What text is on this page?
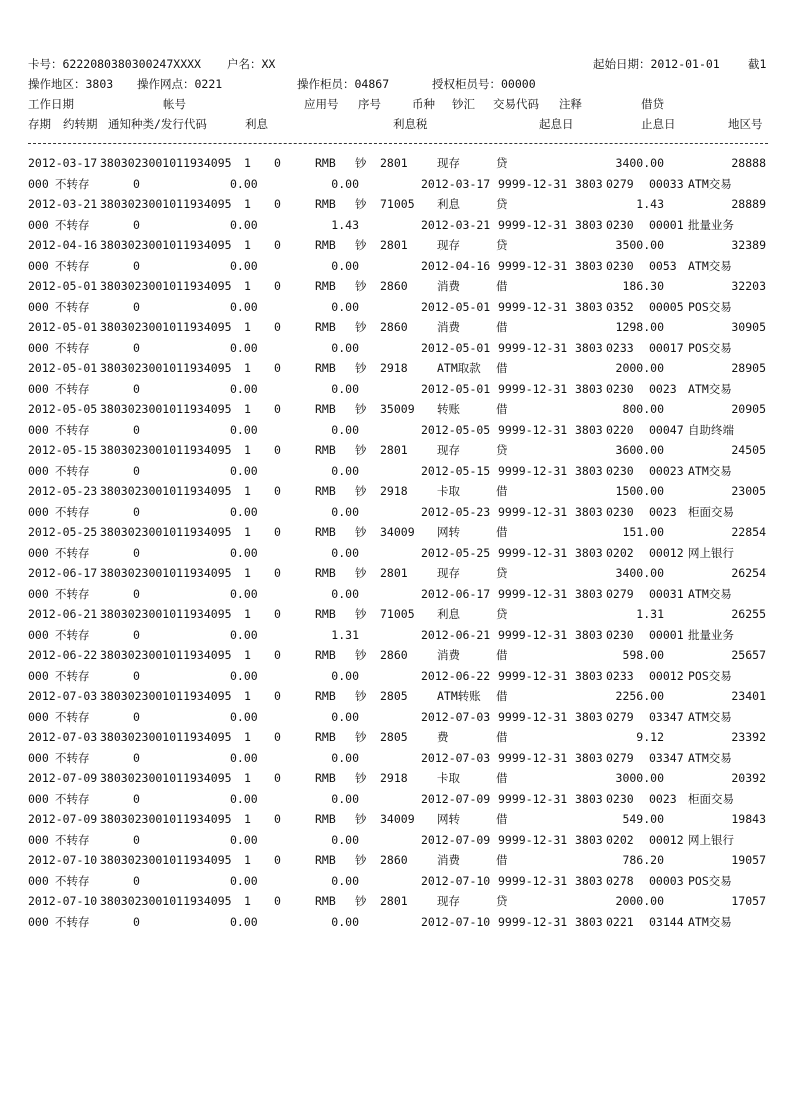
卡号：6222080380300247XXXX 户名：XX	起始日期：2012-01-01 截1
操作地区：3803 操作网点：0221	操作柜员：04867	授权柜员号：00000
工作日期	帐号	应用号 序号	币种 钞汇 交易代码 注释	借贷
存期 约转期 通知种类/发行代码	利息	利息税	起息日	止息日	地区号
2012-03-17 3803023001011934095 1 0	RMB 钞 2801	现存	贷	3400.00	28888
000 不转存	0	0.00	0.00	2012-03-17 9999-12-31 3803 0279 00033 ATM交易
2012-03-21 3803023001011934095 1 0	RMB 钞 71005 利息	贷	1.43	28889
000 不转存	0	0.00	1.43	2012-03-21 9999-12-31 3803 0230 00001 批量业务
2012-04-16 3803023001011934095 1 0	RMB 钞 2801	现存	贷	3500.00	32389
000 不转存	0	0.00	0.00	2012-04-16 9999-12-31 3803 0230 0053 ATM交易
2012-05-01 3803023001011934095 1 0	RMB 钞 2860	消费	借	186.30	32203
000 不转存	0	0.00	0.00	2012-05-01 9999-12-31 3803 0352 00005 POS交易
2012-05-01 3803023001011934095 1 0	RMB 钞 2860	消费	借	1298.00	30905
000 不转存	0	0.00	0.00	2012-05-01 9999-12-31 3803 0233 00017 POS交易
2012-05-01 3803023001011934095 1 0	RMB 钞 2918	ATM取款 借	2000.00	28905
000 不转存	0	0.00	0.00	2012-05-01 9999-12-31 3803 0230 0023 ATM交易
2012-05-05 3803023001011934095 1 0	RMB 钞 35009 转账	借	800.00	20905
000 不转存	0	0.00	0.00	2012-05-05 9999-12-31 3803 0220 00047 自助终端
2012-05-15 3803023001011934095 1 0	RMB 钞 2801	现存	贷	3600.00	24505
000 不转存	0	0.00	0.00	2012-05-15 9999-12-31 3803 0230 00023 ATM交易
2012-05-23 3803023001011934095 1 0	RMB 钞 2918	卡取	借	1500.00	23005
000 不转存	0	0.00	0.00	2012-05-23 9999-12-31 3803 0230 0023 柜面交易
2012-05-25 3803023001011934095 1 0	RMB 钞 34009 网转	借	151.00	22854
000 不转存	0	0.00	0.00	2012-05-25 9999-12-31 3803 0202 00012 网上银行
2012-06-17 3803023001011934095 1 0	RMB 钞 2801	现存	贷	3400.00	26254
000 不转存	0	0.00	0.00	2012-06-17 9999-12-31 3803 0279 00031 ATM交易
2012-06-21 3803023001011934095 1 0	RMB 钞 71005 利息	贷	1.31	26255
000 不转存	0	0.00	1.31	2012-06-21 9999-12-31 3803 0230 00001 批量业务
2012-06-22 3803023001011934095 1 0	RMB 钞 2860	消费	借	598.00	25657
000 不转存	0	0.00	0.00	2012-06-22 9999-12-31 3803 0233 00012 POS交易
2012-07-03 3803023001011934095 1 0	RMB 钞 2805	ATM转账 借	2256.00	23401
000 不转存	0	0.00	0.00	2012-07-03 9999-12-31 3803 0279 03347 ATM交易
2012-07-03 3803023001011934095 1 0	RMB 钞 2805	费	借	9.12	23392
000 不转存	0	0.00	0.00	2012-07-03 9999-12-31 3803 0279 03347 ATM交易
2012-07-09 3803023001011934095 1 0	RMB 钞 2918	卡取	借	3000.00	20392
000 不转存	0	0.00	0.00	2012-07-09 9999-12-31 3803 0230 0023 柜面交易
2012-07-09 3803023001011934095 1 0	RMB 钞 34009 网转	借	549.00	19843
000 不转存	0	0.00	0.00	2012-07-09 9999-12-31 3803 0202 00012 网上银行
2012-07-10 3803023001011934095 1 0	RMB 钞 2860	消费	借	786.20	19057
000 不转存	0	0.00	0.00	2012-07-10 9999-12-31 3803 0278 00003 POS交易
2012-07-10 3803023001011934095 1 0	RMB 钞 2801	现存	贷	2000.00	17057
000 不转存	0	0.00	0.00	2012-07-10 9999-12-31 3803 0221 03144 ATM交易
